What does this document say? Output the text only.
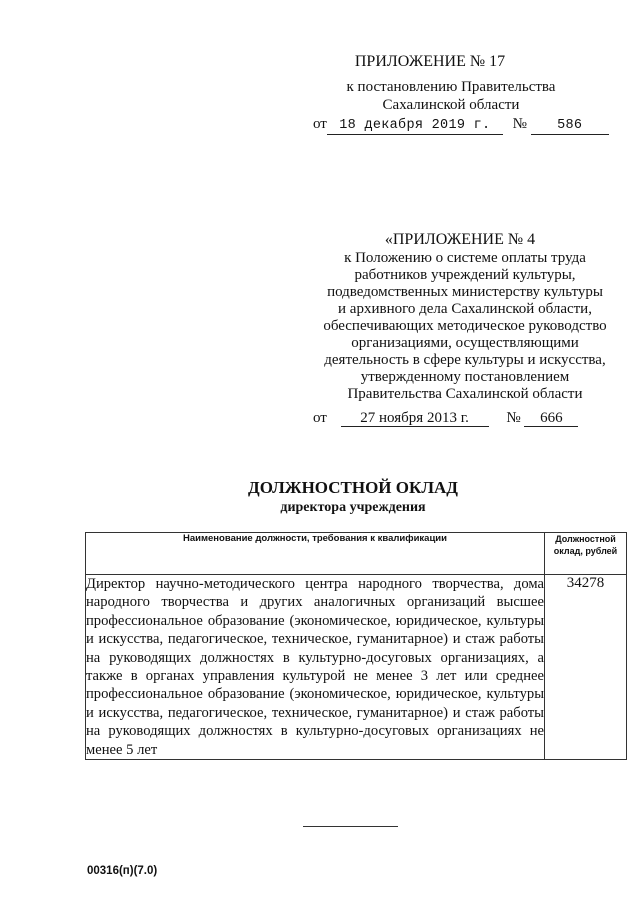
ПРИЛОЖЕНИЕ № 17
к постановлению Правительства
Сахалинской области
от 18 декабря 2019 г. № 586
«ПРИЛОЖЕНИЕ № 4
к Положению о системе оплаты труда
работников учреждений культуры,
подведомственных министерству культуры
и архивного дела Сахалинской области,
обеспечивающих методическое руководство
организациями, осуществляющими
деятельность в сфере культуры и искусства,
утвержденному постановлением
Правительства Сахалинской области
от 27 ноября 2013 г. № 666
ДОЛЖНОСТНОЙ ОКЛАД
директора учреждения
Наименование должности, требования к квалификации	Должностной
оклад, рублей

Директор научно-методического центра народного творчества, дома народного творчества и других аналогичных организаций высшее профессиональное образование (экономическое, юридическое, культуры и искусства, педагогическое, техническое, гуманитарное) и стаж работы на руководящих должностях в культурно-досуговых организациях, а также в органах управления культурой не менее 3 лет или среднее профессиональное образование (экономическое, юридическое, культуры и искусства, педагогическое, техническое, гуманитарное) и стаж работы на руководящих должностях в культурно-досуговых организациях не менее 5 лет	34278
00316(п)(7.0)
